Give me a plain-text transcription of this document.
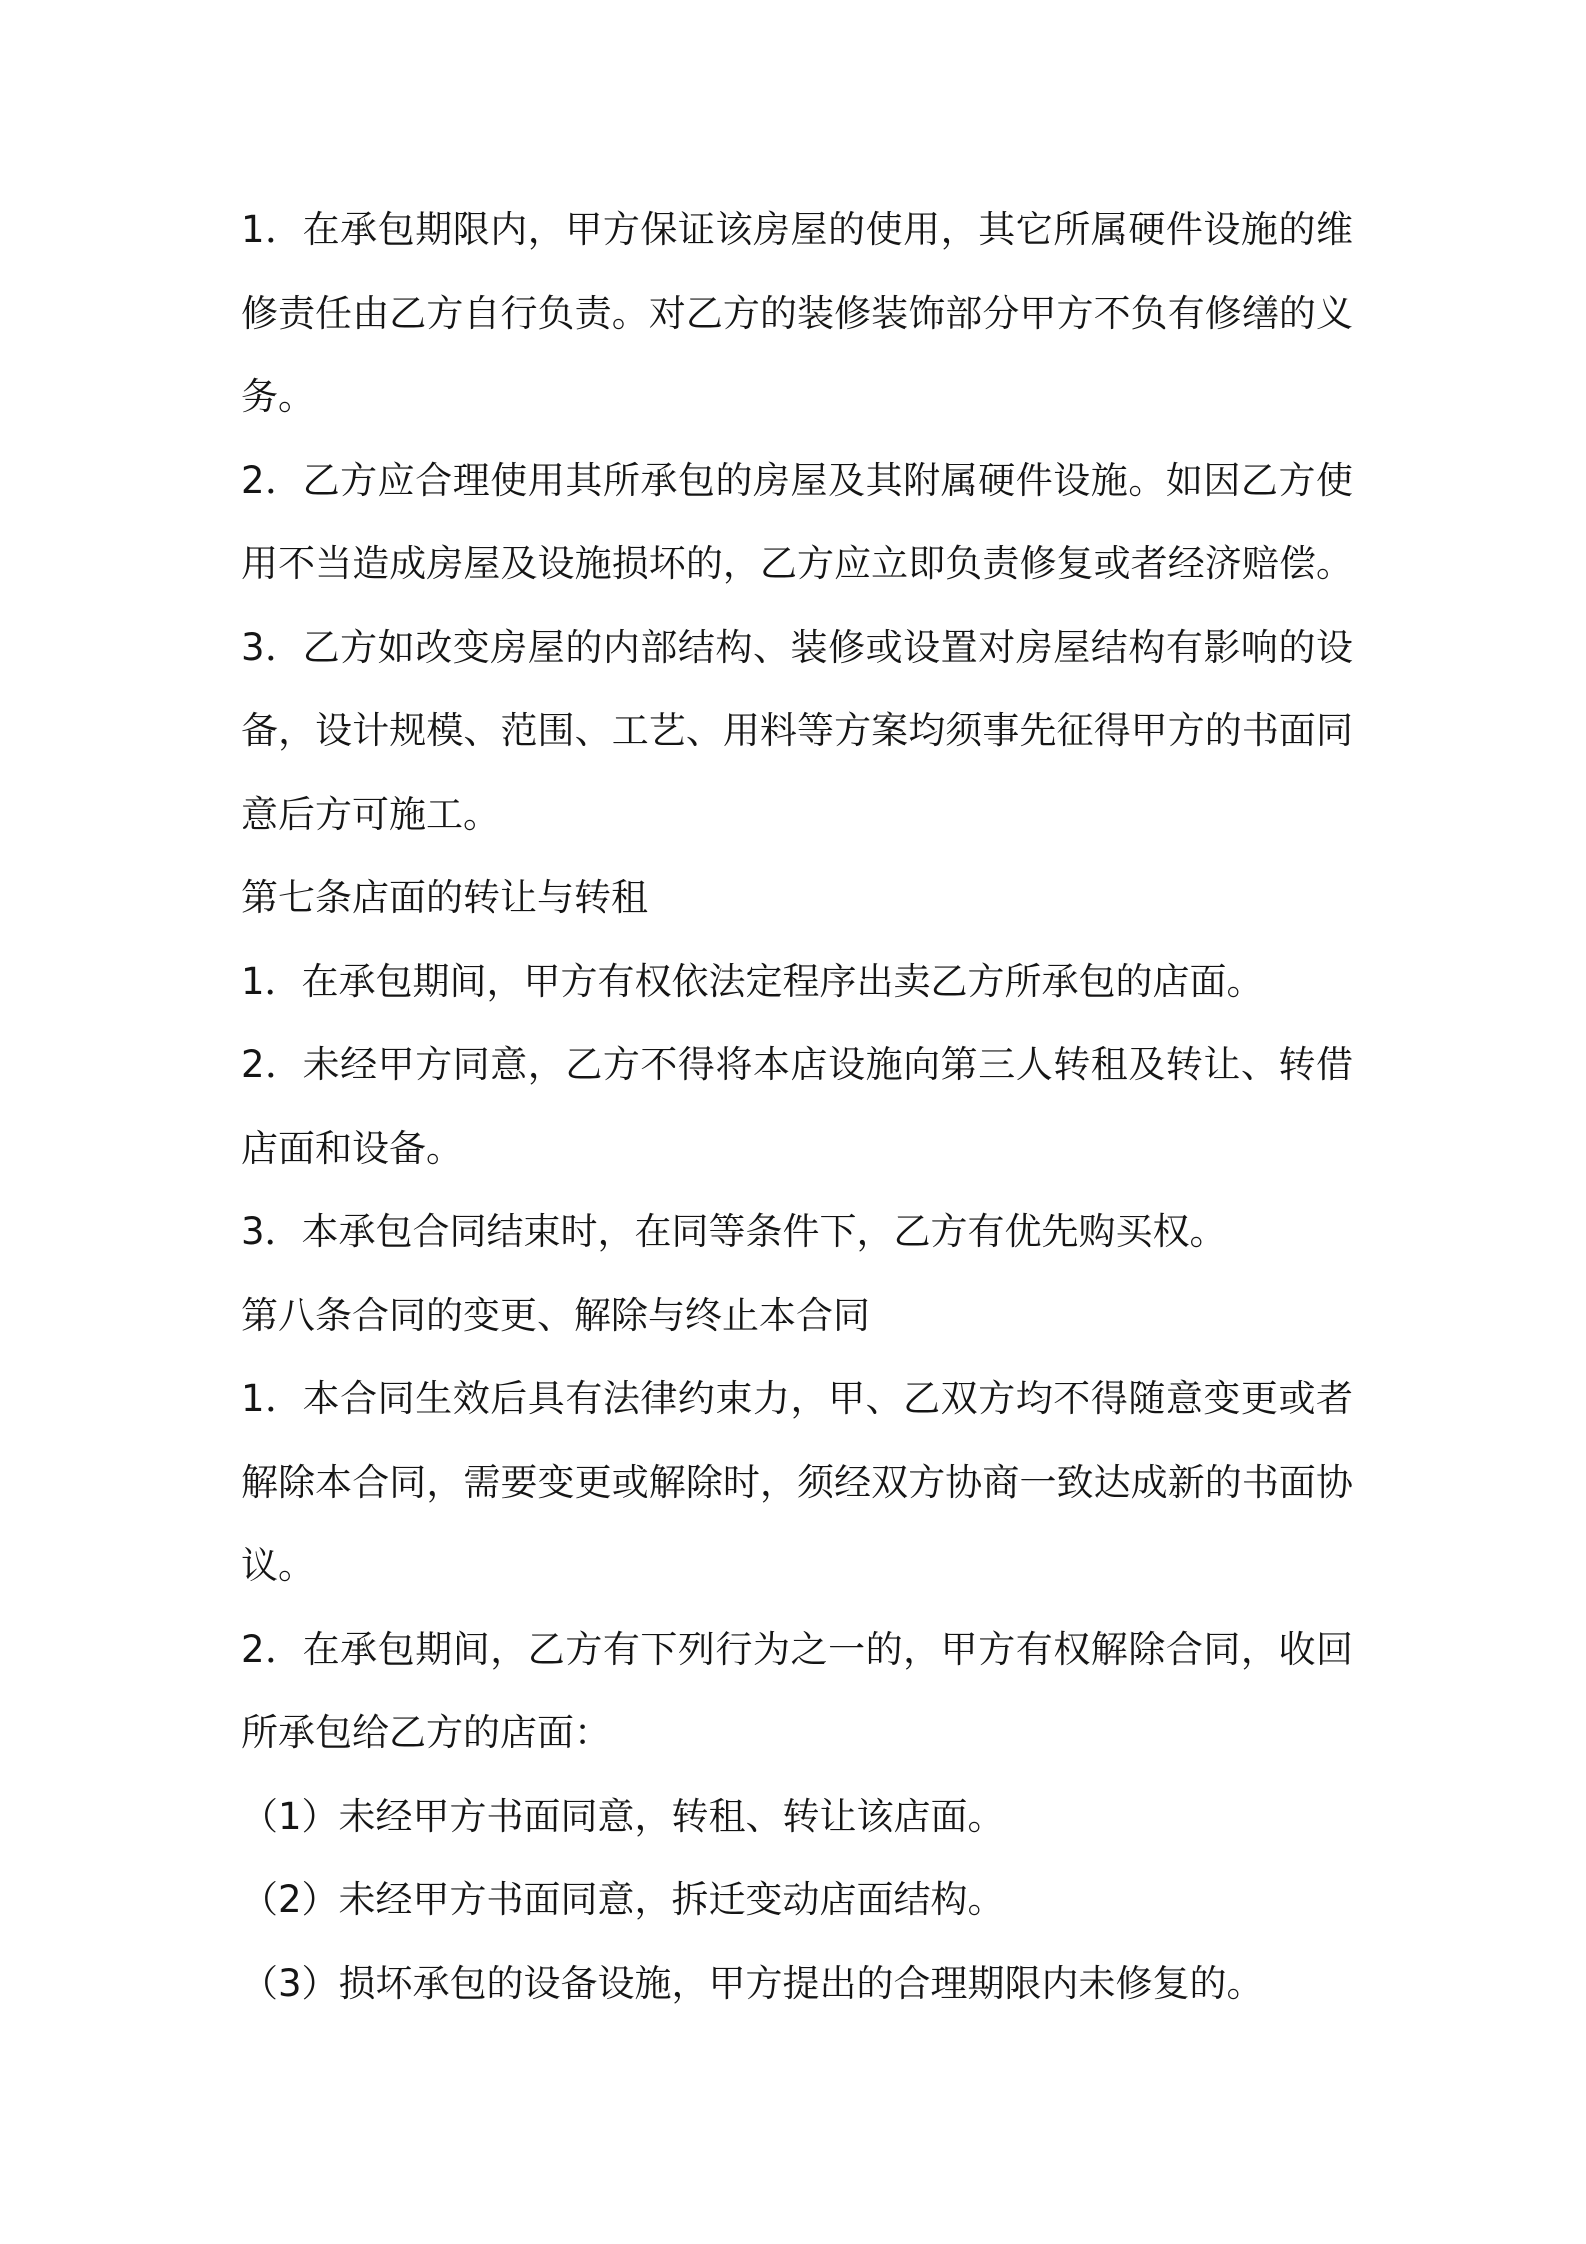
1．在承包期限内，甲方保证该房屋的使用，其它所属硬件设施的维
修责任由乙方自行负责。对乙方的装修装饰部分甲方不负有修缮的义
务。
2．乙方应合理使用其所承包的房屋及其附属硬件设施。如因乙方使
用不当造成房屋及设施损坏的，乙方应立即负责修复或者经济赔偿。
3．乙方如改变房屋的内部结构、装修或设置对房屋结构有影响的设
备，设计规模、范围、工艺、用料等方案均须事先征得甲方的书面同
意后方可施工。
第七条店面的转让与转租
1．在承包期间，甲方有权依法定程序出卖乙方所承包的店面。
2．未经甲方同意，乙方不得将本店设施向第三人转租及转让、转借
店面和设备。
3．本承包合同结束时，在同等条件下，乙方有优先购买权。
第八条合同的变更、解除与终止本合同
1．本合同生效后具有法律约束力，甲、乙双方均不得随意变更或者
解除本合同，需要变更或解除时，须经双方协商一致达成新的书面协
议。
2．在承包期间，乙方有下列行为之一的，甲方有权解除合同，收回
所承包给乙方的店面：
（1）未经甲方书面同意，转租、转让该店面。
（2）未经甲方书面同意，拆迁变动店面结构。
（3）损坏承包的设备设施，甲方提出的合理期限内未修复的。
